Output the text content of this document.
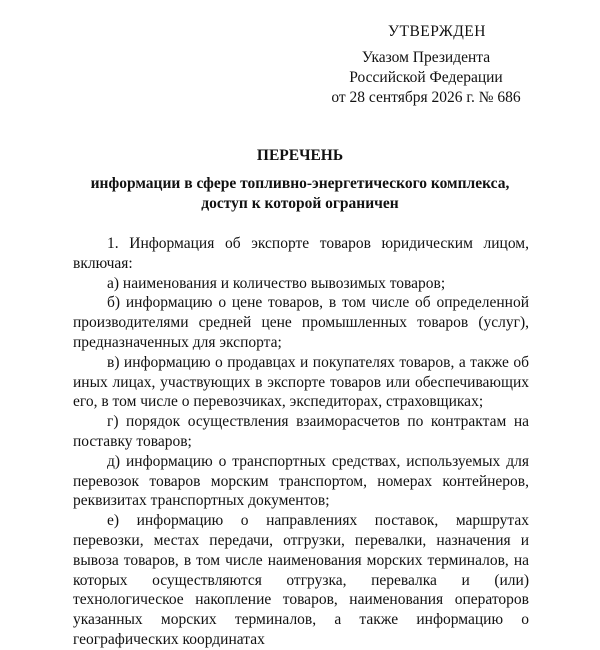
УТВЕРЖДЕН
Указом Президента
Российской Федерации
от 28 сентября 2026 г. № 686
ПЕРЕЧЕНЬ
информации в сфере топливно-энергетического комплекса,
доступ к которой ограничен

1. Информация об экспорте товаров юридическим лицом, включая:

а) наименования и количество вывозимых товаров;

б) информацию о цене товаров, в том числе об определенной производителями средней цене промышленных товаров (услуг), предназначенных для экспорта;

в) информацию о продавцах и покупателях товаров, а также об иных лицах, участвующих в экспорте товаров или обеспечивающих его, в том числе о перевозчиках, экспедиторах, страховщиках;

г) порядок осуществления взаиморасчетов по контрактам на поставку товаров;

д) информацию о транспортных средствах, используемых для перевозок товаров морским транспортом, номерах контейнеров, реквизитах транспортных документов;

е) информацию о направлениях поставок, маршрутах перевозки, местах передачи, отгрузки, перевалки, назначения и вывоза товаров, в том числе наименования морских терминалов, на которых осуществляются отгрузка, перевалка и (или) технологическое накопление товаров, наименования операторов указанных морских терминалов, а также информацию о географических координатах
